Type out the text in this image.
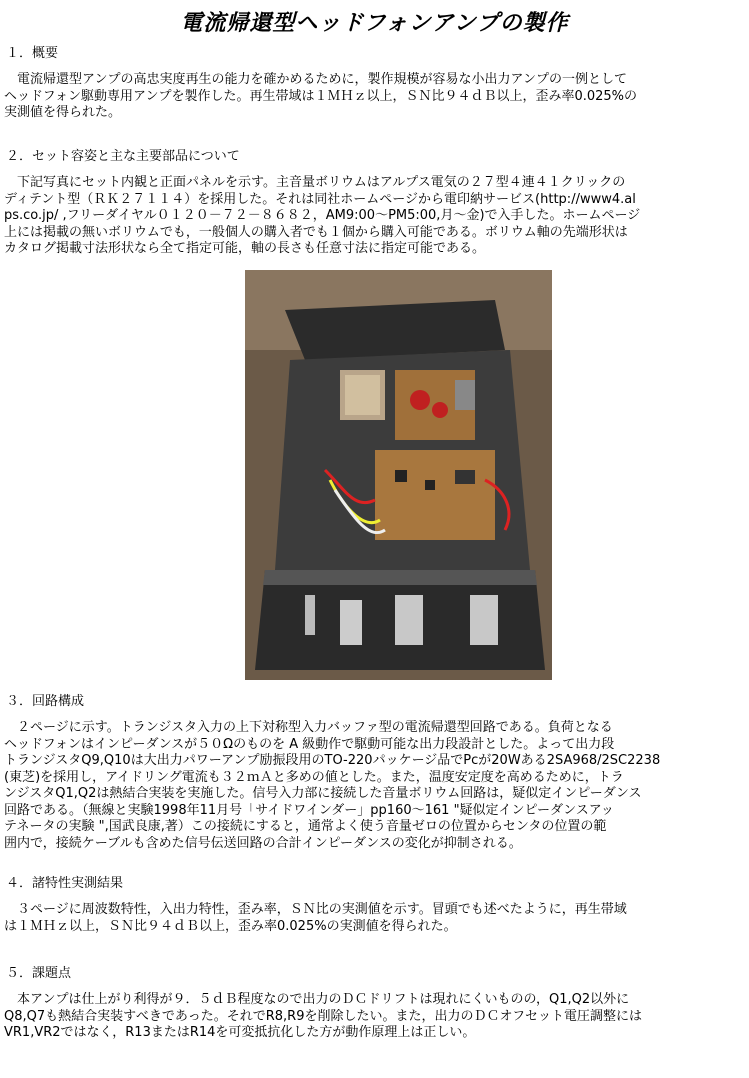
電流帰還型ヘッドフォンアンプの製作
１．概要
　電流帰還型アンプの高忠実度再生の能力を確かめるために，製作規模が容易な小出力アンプの一例として
ヘッドフォン駆動専用アンプを製作した。再生帯域は１ＭＨｚ以上，ＳＮ比９４ｄＢ以上，歪み率0.025%の
実測値を得られた。
２．セット容姿と主な主要部品について
　下記写真にセット内観と正面パネルを示す。主音量ボリウムはアルプス電気の２７型４連４１クリックの
ディテント型（ＲＫ２７１１４）を採用した。それは同社ホームページから電印納サービス(http://www4.al
ps.co.jp/ ,フリーダイヤル０１２０－７２－８６８２，AM9:00～PM5:00,月～金)で入手した。ホームページ
上には掲載の無いボリウムでも，一般個人の購入者でも１個から購入可能である。ボリウム軸の先端形状は
カタログ掲載寸法形状なら全て指定可能，軸の長さも任意寸法に指定可能である。
３．回路構成
　２ページに示す。トランジスタ入力の上下対称型入力バッファ型の電流帰還型回路である。負荷となる
ヘッドフォンはインピーダンスが５０Ωのものを A 級動作で駆動可能な出力段設計とした。よって出力段
トランジスタQ9,Q10は大出力パワーアンプ励振段用のTO-220パッケージ品でPcが20Wある2SA968/2SC2238
(東芝)を採用し，アイドリング電流も３２ｍＡと多めの値とした。また，温度安定度を高めるために，トラ
ンジスタQ1,Q2は熱結合実装を実施した。信号入力部に接続した音量ボリウム回路は，疑似定インピーダンス
回路である。（無線と実験1998年11月号「サイドワインダー」pp160～161 "疑似定インピーダンスアッ
テネータの実験 ",国武良康,著）この接続にすると，通常よく使う音量ゼロの位置からセンタの位置の範
囲内で，接続ケーブルも含めた信号伝送回路の合計インピーダンスの変化が抑制される。
４．諸特性実測結果
　３ページに周波数特性，入出力特性，歪み率，ＳＮ比の実測値を示す。冒頭でも述べたように，再生帯域
は１ＭＨｚ以上，ＳＮ比９４ｄＢ以上，歪み率0.025%の実測値を得られた。
５．課題点
　本アンプは仕上がり利得が９．５ｄＢ程度なので出力のＤＣドリフトは現れにくいものの，Q1,Q2以外に
Q8,Q7も熱結合実装すべきであった。それでR8,R9を削除したい。また，出力のＤＣオフセット電圧調整には
VR1,VR2ではなく，R13またはR14を可変抵抗化した方が動作原理上は正しい。
